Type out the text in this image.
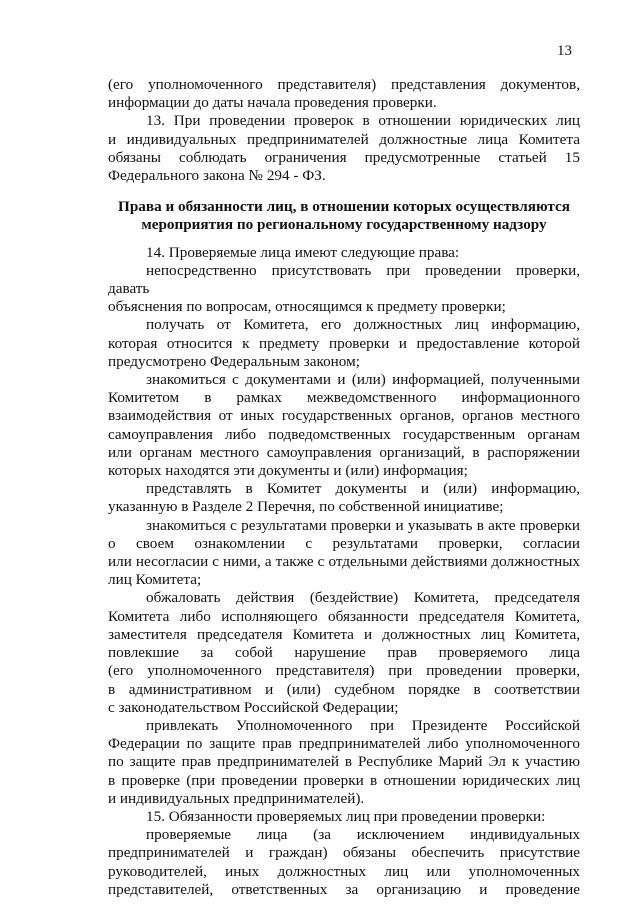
13
(его уполномоченного представителя) представления документов,
информации до даты начала проведения проверки.
13. При проведении проверок в отношении юридических лиц
и индивидуальных предпринимателей должностные лица Комитета
обязаны соблюдать ограничения предусмотренные статьей 15
Федерального закона № 294 - ФЗ.
Права и обязанности лиц, в отношении которых осуществляются
мероприятия по региональному государственному надзору
14. Проверяемые лица имеют следующие права:
непосредственно присутствовать при проведении проверки, давать
объяснения по вопросам, относящимся к предмету проверки;
получать от Комитета, его должностных лиц информацию,
которая относится к предмету проверки и предоставление которой
предусмотрено Федеральным законом;
знакомиться с документами и (или) информацией, полученными
Комитетом в рамках межведомственного информационного
взаимодействия от иных государственных органов, органов местного
самоуправления либо подведомственных государственным органам
или органам местного самоуправления организаций, в распоряжении
которых находятся эти документы и (или) информация;
представлять в Комитет документы и (или) информацию,
указанную в Разделе 2 Перечня, по собственной инициативе;
знакомиться с результатами проверки и указывать в акте проверки
о своем ознакомлении с результатами проверки, согласии
или несогласии с ними, а также с отдельными действиями должностных
лиц Комитета;
обжаловать действия (бездействие) Комитета, председателя
Комитета либо исполняющего обязанности председателя Комитета,
заместителя председателя Комитета и должностных лиц Комитета,
повлекшие за собой нарушение прав проверяемого лица
(его уполномоченного представителя) при проведении проверки,
в административном и (или) судебном порядке в соответствии
с законодательством Российской Федерации;
привлекать Уполномоченного при Президенте Российской
Федерации по защите прав предпринимателей либо уполномоченного
по защите прав предпринимателей в Республике Марий Эл к участию
в проверке (при проведении проверки в отношении юридических лиц
и индивидуальных предпринимателей).
15. Обязанности проверяемых лиц при проведении проверки:
проверяемые лица (за исключением индивидуальных
предпринимателей и граждан) обязаны обеспечить присутствие
руководителей, иных должностных лиц или уполномоченных
представителей, ответственных за организацию и проведение
